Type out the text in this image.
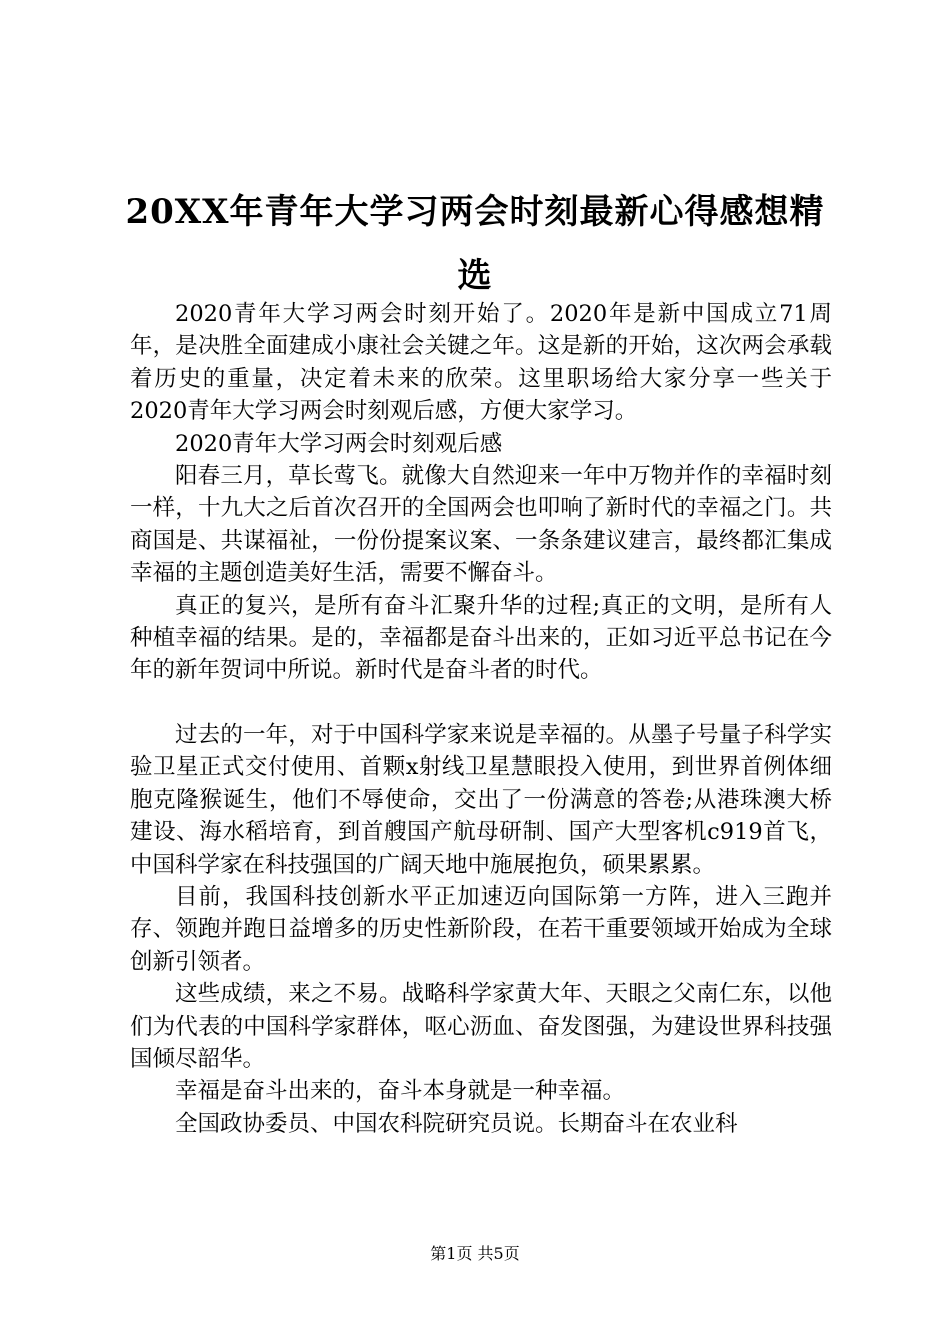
20XX年青年大学习两会时刻最新心得感想精选

2020青年大学习两会时刻开始了。2020年是新中国成立71周年，是决胜全面建成小康社会关键之年。这是新的开始，这次两会承载着历史的重量，决定着未来的欣荣。这里职场给大家分享一些关于2020青年大学习两会时刻观后感，方便大家学习。

2020青年大学习两会时刻观后感

阳春三月，草长莺飞。就像大自然迎来一年中万物并作的幸福时刻一样，十九大之后首次召开的全国两会也叩响了新时代的幸福之门。共商国是、共谋福祉，一份份提案议案、一条条建议建言，最终都汇集成幸福的主题创造美好生活，需要不懈奋斗。

真正的复兴，是所有奋斗汇聚升华的过程;真正的文明，是所有人种植幸福的结果。是的，幸福都是奋斗出来的，正如习近平总书记在今年的新年贺词中所说。新时代是奋斗者的时代。

过去的一年，对于中国科学家来说是幸福的。从墨子号量子科学实验卫星正式交付使用、首颗x射线卫星慧眼投入使用，到世界首例体细胞克隆猴诞生，他们不辱使命，交出了一份满意的答卷;从港珠澳大桥建设、海水稻培育，到首艘国产航母研制、国产大型客机c919首飞，中国科学家在科技强国的广阔天地中施展抱负，硕果累累。

目前，我国科技创新水平正加速迈向国际第一方阵，进入三跑并存、领跑并跑日益增多的历史性新阶段，在若干重要领域开始成为全球创新引领者。

这些成绩，来之不易。战略科学家黄大年、天眼之父南仁东，以他们为代表的中国科学家群体，呕心沥血、奋发图强，为建设世界科技强国倾尽韶华。

幸福是奋斗出来的，奋斗本身就是一种幸福。

全国政协委员、中国农科院研究员说。长期奋斗在农业科

第1页 共5页
